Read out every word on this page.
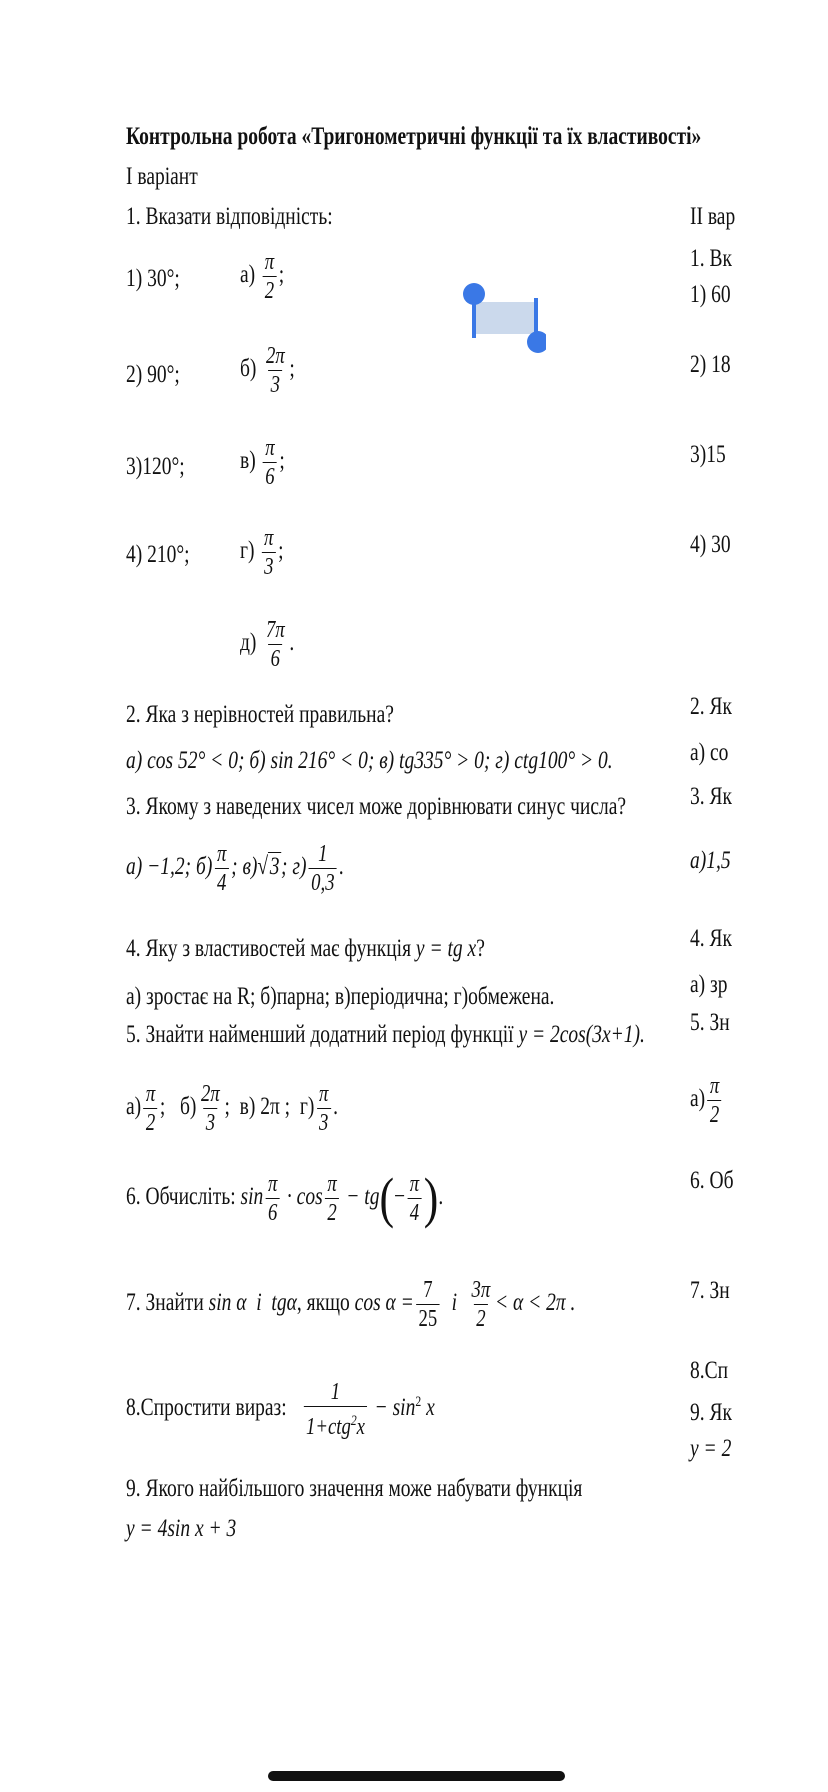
Контрольна робота «Тригонометричні функції та їх властивості»
І варіант
1. Вказати відповідність:
1) 30°;
2) 90°;
3)120°;
4) 210°;
$а) \frac{\pi}{2}$ ;
$б) \frac{2\pi}{3}$ ;
$в) \frac{\pi}{6}$ ;
$г) \frac{\pi}{3}$ ;
$д) \frac{7\pi}{6}$ .
2. Яка з нерівностей правильна?
а) cos 52° < 0; б) sin 216° < 0; в) tg335° > 0; г) ctg100° > 0.
3. Якому з наведених чисел може дорівнювати синус числа?
а) −1,2; $б) \frac{\pi}{4}$ ; в)√3; $г) \frac{1}{0,3}$ .
4. Яку з властивостей має функція y = tg x?
а) зростає на R; б)парна; в)періодична; г)обмежена.
5. Знайти найменший додатний період функції y = 2cos(3x+1).
$а) \frac{\pi}{2}$ ; $б) \frac{2\pi}{3}$ ; в) 2π ; $г) \frac{\pi}{3}$ .
6. Обчисліть: $\sin \frac{\pi}{6} \cdot \cos \frac{\pi}{2} - tg(- \frac{\pi}{4}$ ).
7. Знайти sin α і tgα, якщо $\cos \alpha = \frac{7}{25}$ і $\frac{3\pi}{2} < \alpha < 2\pi$ .
8.Спростити вираз: $\frac{1}{1+ctg^2x} - \sin^2 x$
9. Якого найбільшого значення може набувати функція
y = 4sin x + 3
ІІ вар
1. Вк
1) 60
2) 18
3)15
4) 30
2. Як
а) cо
3. Як
а)1,5
4. Як
а) зр
5. Зн
$а) \frac{\pi}{2}$
6. Об
7. Зн
8.Сп
9. Як
y = 2
